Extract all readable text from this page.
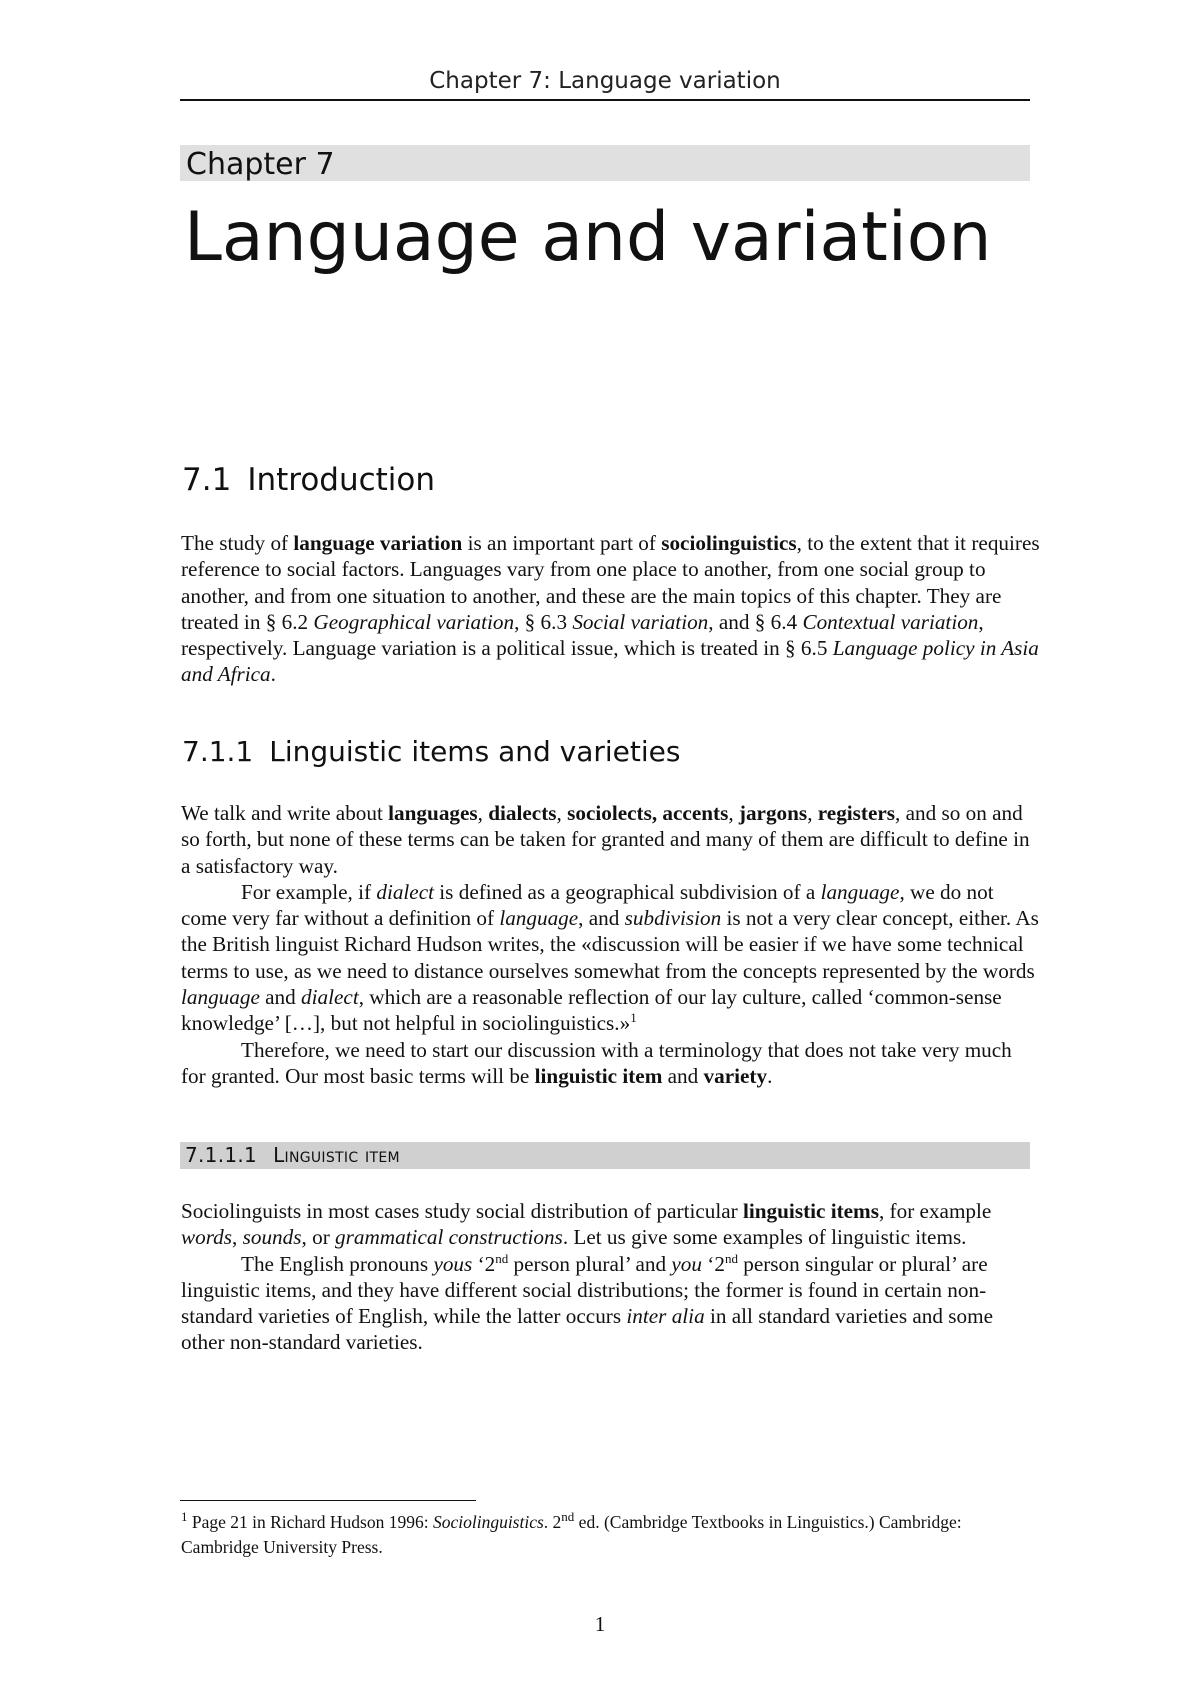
Chapter 7: Language variation
Chapter 7
Language and variation
7.1 Introduction
The study of language variation is an important part of sociolinguistics, to the extent that it requires reference to social factors. Languages vary from one place to another, from one social group to another, and from one situation to another, and these are the main topics of this chapter. They are treated in § 6.2 Geographical variation, § 6.3 Social variation, and § 6.4 Contextual variation, respectively. Language variation is a political issue, which is treated in § 6.5 Language policy in Asia and Africa.
7.1.1 Linguistic items and varieties
We talk and write about languages, dialects, sociolects, accents, jargons, registers, and so on and so forth, but none of these terms can be taken for granted and many of them are difficult to define in a satisfactory way.
For example, if dialect is defined as a geographical subdivision of a language, we do not come very far without a definition of language, and subdivision is not a very clear concept, either. As the British linguist Richard Hudson writes, the «discussion will be easier if we have some technical terms to use, as we need to distance ourselves somewhat from the concepts represented by the words language and dialect, which are a reasonable reflection of our lay culture, called ‘common-sense knowledge’ […], but not helpful in sociolinguistics.»$^1$
Therefore, we need to start our discussion with a terminology that does not take very much for granted. Our most basic terms will be linguistic item and variety.
7.1.1.1 Linguistic item
Sociolinguists in most cases study social distribution of particular linguistic items, for example words, sounds, or grammatical constructions. Let us give some examples of linguistic items.
The English pronouns yous ‘2nd person plural’ and you ‘2nd person singular or plural’ are linguistic items, and they have different social distributions; the former is found in certain non-standard varieties of English, while the latter occurs inter alia in all standard varieties and some other non-standard varieties.
$^1$ Page 21 in Richard Hudson 1996: Sociolinguistics. 2nd ed. (Cambridge Textbooks in Linguistics.) Cambridge: Cambridge University Press.
1
